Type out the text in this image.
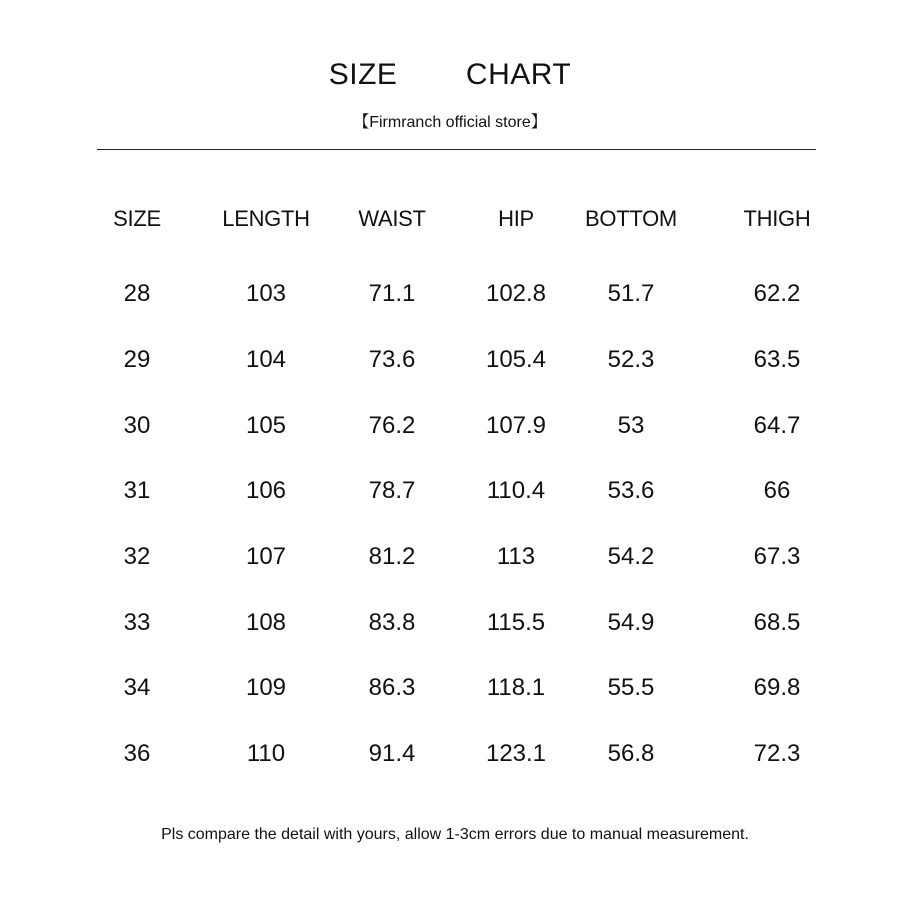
SIZE   CHART
【Firmranch official store】
SIZE	LENGTH	WAIST	HIP	BOTTOM	THIGH
28	103	71.1	102.8	51.7	62.2
29	104	73.6	105.4	52.3	63.5
30	105	76.2	107.9	53	64.7
31	106	78.7	110.4	53.6	66
32	107	81.2	113	54.2	67.3
33	108	83.8	115.5	54.9	68.5
34	109	86.3	118.1	55.5	69.8
36	110	91.4	123.1	56.8	72.3
Pls compare the detail with yours, allow 1-3cm errors due to manual measurement.
